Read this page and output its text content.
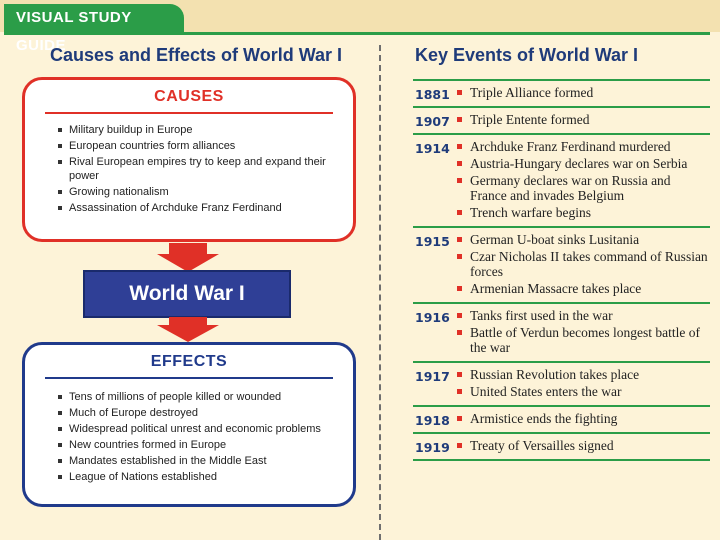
VISUAL STUDY GUIDE
Causes and Effects of World War I	Key Events of World War I
CAUSES
Military buildup in Europe
European countries form alliances
Rival European empires try to keep and expand their power
Growing nationalism
Assassination of Archduke Franz Ferdinand
World War I
EFFECTS
Tens of millions of people killed or wounded
Much of Europe destroyed
Widespread political unrest and economic problems
New countries formed in Europe
Mandates established in the Middle East
League of Nations established
1881	Triple Alliance formed
1907	Triple Entente formed
1914	Archduke Franz Ferdinand murdered
Austria-Hungary declares war on Serbia
Germany declares war on Russia and France and invades Belgium
Trench warfare begins
1915	German U-boat sinks Lusitania
Czar Nicholas II takes command of Russian forces
Armenian Massacre takes place
1916	Tanks first used in the war
Battle of Verdun becomes longest battle of the war
1917	Russian Revolution takes place
United States enters the war
1918	Armistice ends the fighting
1919	Treaty of Versailles signed
